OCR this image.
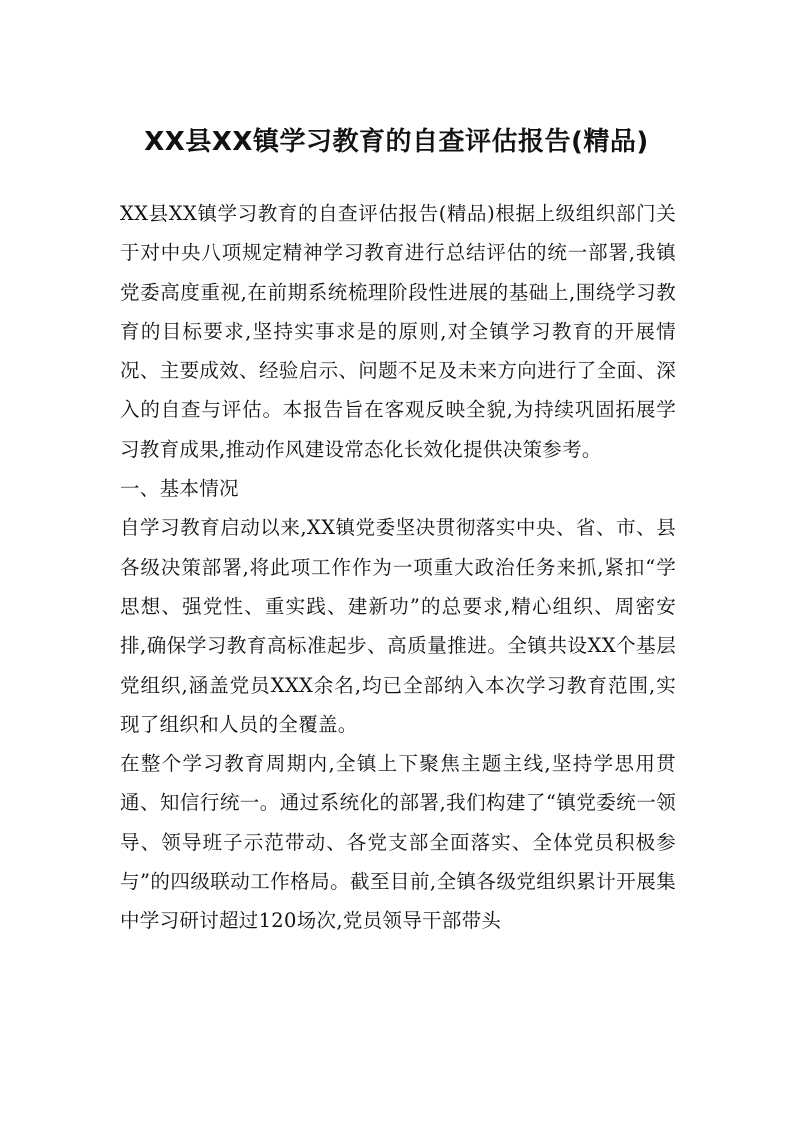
XX县XX镇学习教育的自查评估报告(精品)

XX县XX镇学习教育的自查评估报告(精品)根据上级组织部门关于对中央八项规定精神学习教育进行总结评估的统一部署,我镇党委高度重视,在前期系统梳理阶段性进展的基础上,围绕学习教育的目标要求,坚持实事求是的原则,对全镇学习教育的开展情况、主要成效、经验启示、问题不足及未来方向进行了全面、深入的自查与评估。本报告旨在客观反映全貌,为持续巩固拓展学习教育成果,推动作风建设常态化长效化提供决策参考。

一、基本情况

自学习教育启动以来,XX镇党委坚决贯彻落实中央、省、市、县各级决策部署,将此项工作作为一项重大政治任务来抓,紧扣“学思想、强党性、重实践、建新功”的总要求,精心组织、周密安排,确保学习教育高标准起步、高质量推进。全镇共设XX个基层党组织,涵盖党员XXX余名,均已全部纳入本次学习教育范围,实现了组织和人员的全覆盖。

在整个学习教育周期内,全镇上下聚焦主题主线,坚持学思用贯通、知信行统一。通过系统化的部署,我们构建了“镇党委统一领导、领导班子示范带动、各党支部全面落实、全体党员积极参与”的四级联动工作格局。截至目前,全镇各级党组织累计开展集中学习研讨超过120场次,党员领导干部带头
